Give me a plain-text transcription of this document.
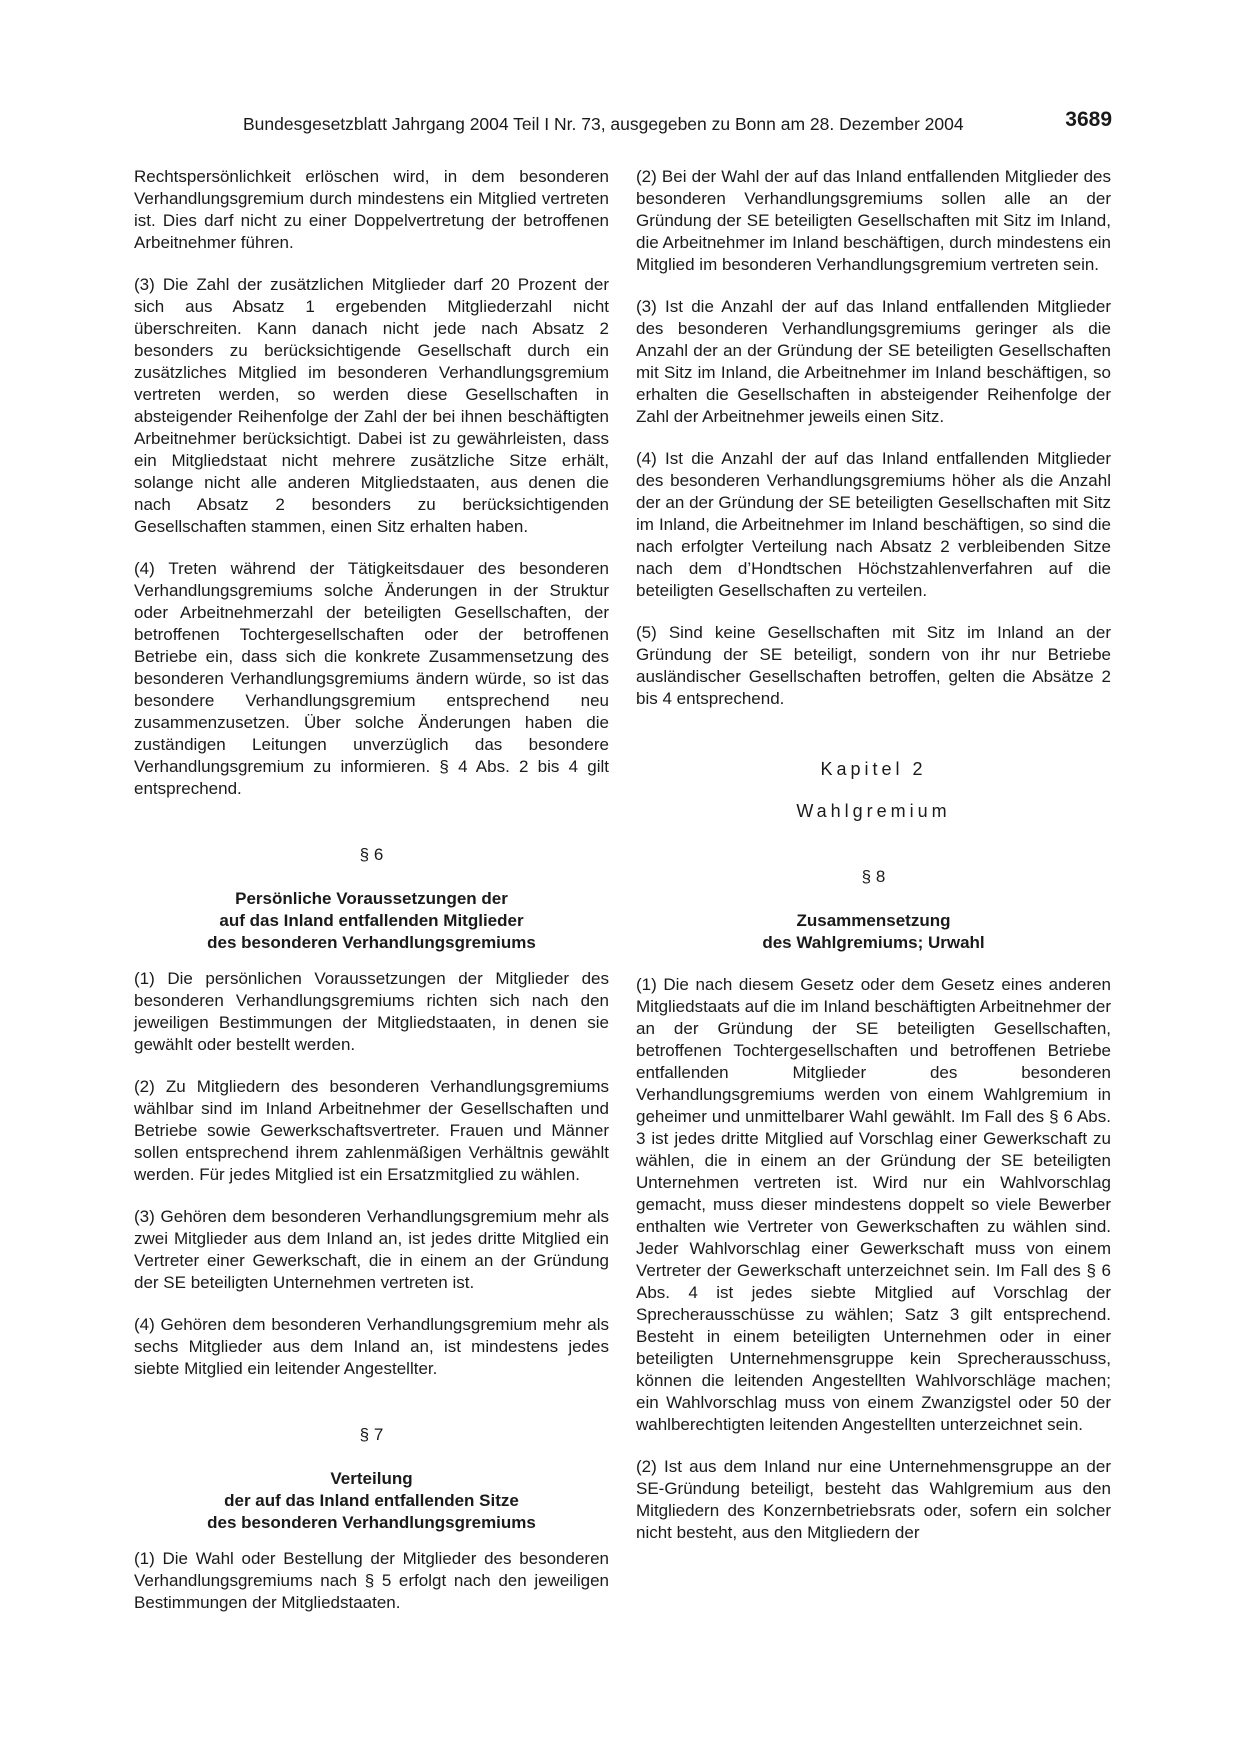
Bundesgesetzblatt Jahrgang 2004 Teil I Nr. 73, ausgegeben zu Bonn am 28. Dezember 2004	3689

Rechtspersönlichkeit erlöschen wird, in dem besonderen Verhandlungsgremium durch mindestens ein Mitglied vertreten ist. Dies darf nicht zu einer Doppelvertretung der betroffenen Arbeitnehmer führen.

(3) Die Zahl der zusätzlichen Mitglieder darf 20 Prozent der sich aus Absatz 1 ergebenden Mitgliederzahl nicht überschreiten. Kann danach nicht jede nach Absatz 2 besonders zu berücksichtigende Gesellschaft durch ein zusätzliches Mitglied im besonderen Verhandlungsgremium vertreten werden, so werden diese Gesellschaften in absteigender Reihenfolge der Zahl der bei ihnen beschäftigten Arbeitnehmer berücksichtigt. Dabei ist zu gewährleisten, dass ein Mitgliedstaat nicht mehrere zusätzliche Sitze erhält, solange nicht alle anderen Mitgliedstaaten, aus denen die nach Absatz 2 besonders zu berücksichtigenden Gesellschaften stammen, einen Sitz erhalten haben.

(4) Treten während der Tätigkeitsdauer des besonderen Verhandlungsgremiums solche Änderungen in der Struktur oder Arbeitnehmerzahl der beteiligten Gesellschaften, der betroffenen Tochtergesellschaften oder der betroffenen Betriebe ein, dass sich die konkrete Zusammensetzung des besonderen Verhandlungsgremiums ändern würde, so ist das besondere Verhandlungsgremium entsprechend neu zusammenzusetzen. Über solche Änderungen haben die zuständigen Leitungen unverzüglich das besondere Verhandlungsgremium zu informieren. § 4 Abs. 2 bis 4 gilt entsprechend.

§ 6
Persönliche Voraussetzungen der
auf das Inland entfallenden Mitglieder
des besonderen Verhandlungsgremiums

(1) Die persönlichen Voraussetzungen der Mitglieder des besonderen Verhandlungsgremiums richten sich nach den jeweiligen Bestimmungen der Mitgliedstaaten, in denen sie gewählt oder bestellt werden.

(2) Zu Mitgliedern des besonderen Verhandlungsgremiums wählbar sind im Inland Arbeitnehmer der Gesellschaften und Betriebe sowie Gewerkschaftsvertreter. Frauen und Männer sollen entsprechend ihrem zahlenmäßigen Verhältnis gewählt werden. Für jedes Mitglied ist ein Ersatzmitglied zu wählen.

(3) Gehören dem besonderen Verhandlungsgremium mehr als zwei Mitglieder aus dem Inland an, ist jedes dritte Mitglied ein Vertreter einer Gewerkschaft, die in einem an der Gründung der SE beteiligten Unternehmen vertreten ist.

(4) Gehören dem besonderen Verhandlungsgremium mehr als sechs Mitglieder aus dem Inland an, ist mindestens jedes siebte Mitglied ein leitender Angestellter.

§ 7
Verteilung
der auf das Inland entfallenden Sitze
des besonderen Verhandlungsgremiums

(1) Die Wahl oder Bestellung der Mitglieder des besonderen Verhandlungsgremiums nach § 5 erfolgt nach den jeweiligen Bestimmungen der Mitgliedstaaten.

(2) Bei der Wahl der auf das Inland entfallenden Mitglieder des besonderen Verhandlungsgremiums sollen alle an der Gründung der SE beteiligten Gesellschaften mit Sitz im Inland, die Arbeitnehmer im Inland beschäftigen, durch mindestens ein Mitglied im besonderen Verhandlungsgremium vertreten sein.

(3) Ist die Anzahl der auf das Inland entfallenden Mitglieder des besonderen Verhandlungsgremiums geringer als die Anzahl der an der Gründung der SE beteiligten Gesellschaften mit Sitz im Inland, die Arbeitnehmer im Inland beschäftigen, so erhalten die Gesellschaften in absteigender Reihenfolge der Zahl der Arbeitnehmer jeweils einen Sitz.

(4) Ist die Anzahl der auf das Inland entfallenden Mitglieder des besonderen Verhandlungsgremiums höher als die Anzahl der an der Gründung der SE beteiligten Gesellschaften mit Sitz im Inland, die Arbeitnehmer im Inland beschäftigen, so sind die nach erfolgter Verteilung nach Absatz 2 verbleibenden Sitze nach dem d’Hondtschen Höchstzahlenverfahren auf die beteiligten Gesellschaften zu verteilen.

(5) Sind keine Gesellschaften mit Sitz im Inland an der Gründung der SE beteiligt, sondern von ihr nur Betriebe ausländischer Gesellschaften betroffen, gelten die Absätze 2 bis 4 entsprechend.

Kapitel 2
Wahlgremium
§ 8
Zusammensetzung
des Wahlgremiums; Urwahl

(1) Die nach diesem Gesetz oder dem Gesetz eines anderen Mitgliedstaats auf die im Inland beschäftigten Arbeitnehmer der an der Gründung der SE beteiligten Gesellschaften, betroffenen Tochtergesellschaften und betroffenen Betriebe entfallenden Mitglieder des besonderen Verhandlungsgremiums werden von einem Wahlgremium in geheimer und unmittelbarer Wahl gewählt. Im Fall des § 6 Abs. 3 ist jedes dritte Mitglied auf Vorschlag einer Gewerkschaft zu wählen, die in einem an der Gründung der SE beteiligten Unternehmen vertreten ist. Wird nur ein Wahlvorschlag gemacht, muss dieser mindestens doppelt so viele Bewerber enthalten wie Vertreter von Gewerkschaften zu wählen sind. Jeder Wahlvorschlag einer Gewerkschaft muss von einem Vertreter der Gewerkschaft unterzeichnet sein. Im Fall des § 6 Abs. 4 ist jedes siebte Mitglied auf Vorschlag der Sprecherausschüsse zu wählen; Satz 3 gilt entsprechend. Besteht in einem beteiligten Unternehmen oder in einer beteiligten Unternehmensgruppe kein Sprecherausschuss, können die leitenden Angestellten Wahlvorschläge machen; ein Wahlvorschlag muss von einem Zwanzigstel oder 50 der wahlberechtigten leitenden Angestellten unterzeichnet sein.

(2) Ist aus dem Inland nur eine Unternehmensgruppe an der SE-Gründung beteiligt, besteht das Wahlgremium aus den Mitgliedern des Konzernbetriebsrats oder, sofern ein solcher nicht besteht, aus den Mitgliedern der
